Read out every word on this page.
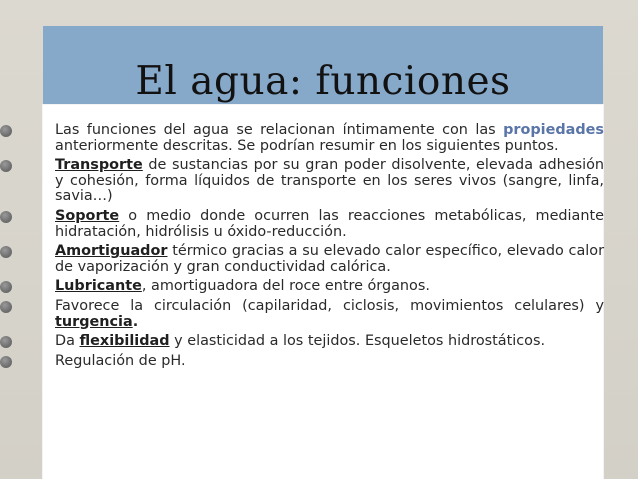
El agua: funciones
Las funciones del agua se relacionan íntimamente con las propiedades anteriormente descritas. Se podrían resumir en los siguientes puntos.
Transporte de sustancias por su gran poder disolvente, elevada adhesión y cohesión, forma líquidos de transporte en los seres vivos (sangre, linfa, savia…)
Soporte o medio donde ocurren las reacciones metabólicas, mediante hidratación, hidrólisis u óxido-reducción.
Amortiguador térmico gracias a su elevado calor específico, elevado calor de vaporización y gran conductividad calórica.
Lubricante, amortiguadora del roce entre órganos.
Favorece la circulación (capilaridad, ciclosis, movimientos celulares) y turgencia.
Da flexibilidad y elasticidad a los tejidos. Esqueletos hidrostáticos.
Regulación de pH.
